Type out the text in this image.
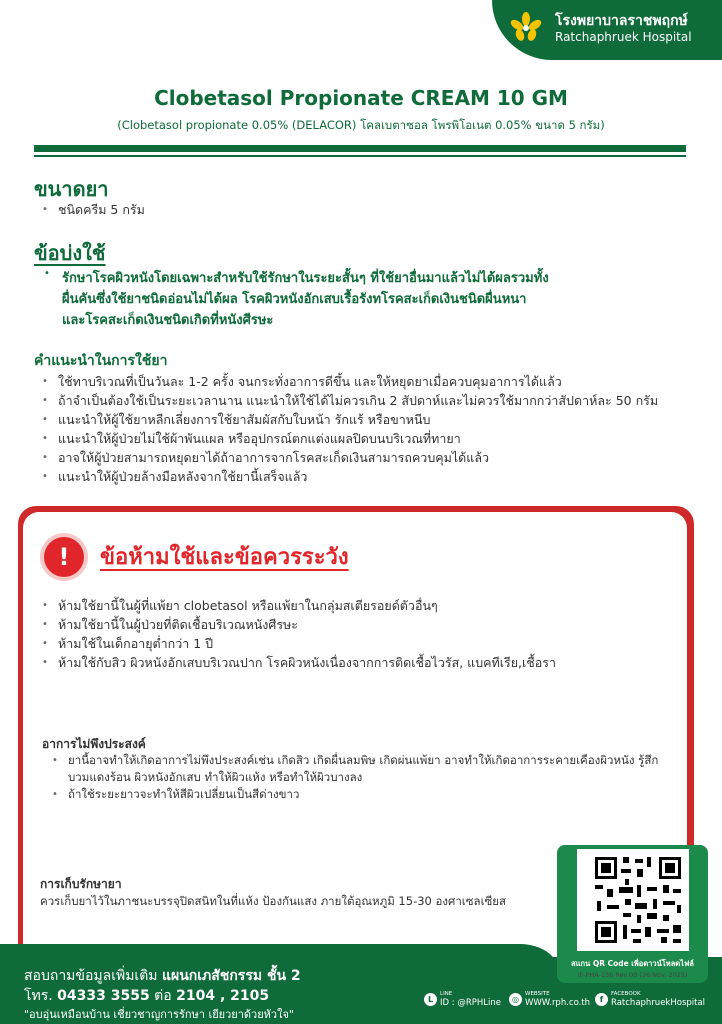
โรงพยาบาลราชพฤกษ์
Ratchaphruek Hospital
Clobetasol Propionate CREAM 10 GM
(Clobetasol propionate 0.05% (DELACOR) โคลเบตาซอล โพรพิโอเนต 0.05% ขนาด 5 กรัม)
ขนาดยา
• ชนิดครีม 5 กรัม
ข้อบ่งใช้
• รักษาโรคผิวหนังโดยเฉพาะสำหรับใช้รักษาในระยะสั้นๆ ที่ใช้ยาอื่นมาแล้วไม่ได้ผลรวมทั้ง
ผื่นคันซึ่งใช้ยาชนิดอ่อนไม่ได้ผล โรคผิวหนังอักเสบเรื้อรังทโรคสะเก็ดเงินชนิดผื่นหนา
และโรคสะเก็ดเงินชนิดเกิดที่หนังศีรษะ
คำแนะนำในการใช้ยา
• ใช้ทาบริเวณที่เป็นวันละ 1-2 ครั้ง จนกระทั่งอาการดีขึ้น และให้หยุดยาเมื่อควบคุมอาการได้แล้ว
• ถ้าจำเป็นต้องใช้เป็นระยะเวลานาน แนะนำให้ใช้ได้ไม่ควรเกิน 2 สัปดาห์และไม่ควรใช้มากกว่าสัปดาห์ละ 50 กรัม
• แนะนำให้ผู้ใช้ยาหลีกเลี่ยงการใช้ยาสัมผัสกับใบหน้า รักแร้ หรือขาหนีบ
• แนะนำให้ผู้ป่วยไม่ใช้ผ้าพันแผล หรืออุปกรณ์ตกแต่งแผลปิดบนบริเวณที่ทายา
• อาจให้ผู้ป่วยสามารถหยุดยาได้ถ้าอาการจากโรคสะเก็ดเงินสามารถควบคุมได้แล้ว
• แนะนำให้ผู้ป่วยล้างมือหลังจากใช้ยานี้เสร็จแล้ว
!	ข้อห้ามใช้และข้อควรระวัง
• ห้ามใช้ยานี้ในผู้ที่แพ้ยา clobetasol หรือแพ้ยาในกลุ่มสเตียรอยด์ตัวอื่นๆ
• ห้ามใช้ยานี้ในผู้ป่วยที่ติดเชื้อบริเวณหนังศีรษะ
• ห้ามใช้ในเด็กอายุต่ำกว่า 1 ปี
• ห้ามใช้กับสิว ผิวหนังอักเสบบริเวณปาก โรคผิวหนังเนื่องจากการติดเชื้อไวรัส, แบคทีเรีย,เชื้อรา
อาการไม่พึงประสงค์
• ยานี้อาจทำให้เกิดอาการไม่พึงประสงค์เช่น เกิดสิว เกิดผื่นลมพิษ เกิดผ่นแพ้ยา อาจทำให้เกิดอาการระคายเคืองผิวหนัง รู้สึกบวมแดงร้อน ผิวหนังอักเสบ ทำให้ผิวแห้ง หรือทำให้ผิวบางลง
• ถ้าใช้ระยะยาวจะทำให้สีผิวเปลี่ยนเป็นสีด่างขาว
การเก็บรักษายา
ควรเก็บยาไว้ในภาชนะบรรจุปิดสนิทในที่แห้ง ป้องกันแสง ภายใต้อุณหภูมิ 15-30 องศาเซลเซียส
สแกน QR Code เพื่อดาวน์โหลดไฟล์
IF-PHA-136 Rev.00 (26 Nov. 2025)
สอบถามข้อมูลเพิ่มเติม แผนกเภสัชกรรม ชั้น 2
โทร. 04333 3555 ต่อ 2104 , 2105
"อบอุ่นเหมือนบ้าน เชี่ยวชาญการรักษา เยียวยาด้วยหัวใจ"
L
LINE
ID : @RPHLine	◎
WEBSITE
WWW.rph.co.th	f
FACEBOOK
RatchaphruekHospital
